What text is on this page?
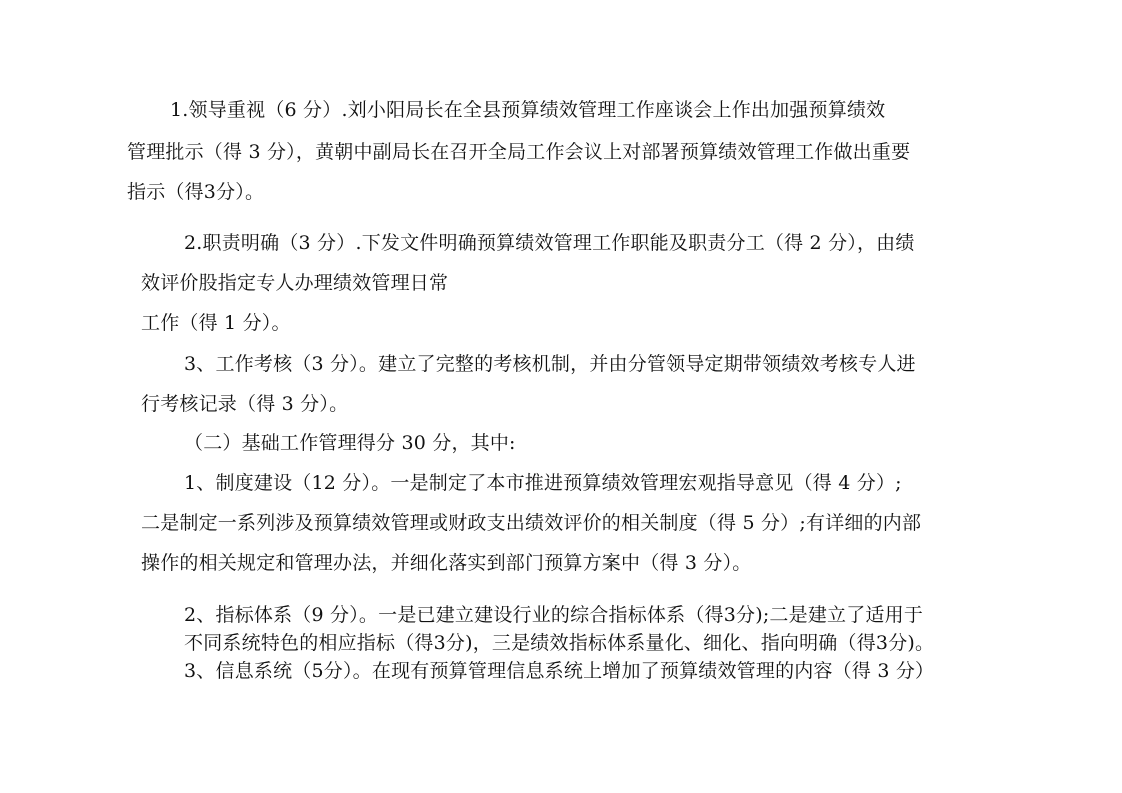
1.领导重视（6 分）.刘小阳局长在全县预算绩效管理工作座谈会上作出加强预算绩效
管理批示（得 3 分），黄朝中副局长在召开全局工作会议上对部署预算绩效管理工作做出重要
指示（得3分）。
2.职责明确（3 分）.下发文件明确预算绩效管理工作职能及职责分工（得 2 分），由绩
效评价股指定专人办理绩效管理日常
工作（得 1 分）。
3、工作考核（3 分）。建立了完整的考核机制，并由分管领导定期带领绩效考核专人进
行考核记录（得 3 分）。
（二）基础工作管理得分 30 分，其中:
1、制度建设（12 分）。一是制定了本市推进预算绩效管理宏观指导意见（得 4 分）;
二是制定一系列涉及预算绩效管理或财政支出绩效评价的相关制度（得 5 分）;有详细的内部
操作的相关规定和管理办法，并细化落实到部门预算方案中（得 3 分）。
2、指标体系（9 分）。一是已建立建设行业的综合指标体系（得3分);二是建立了适用于
不同系统特色的相应指标（得3分)，三是绩效指标体系量化、细化、指向明确（得3分)。
3、信息系统（5分）。在现有预算管理信息系统上增加了预算绩效管理的内容（得 3 分）
